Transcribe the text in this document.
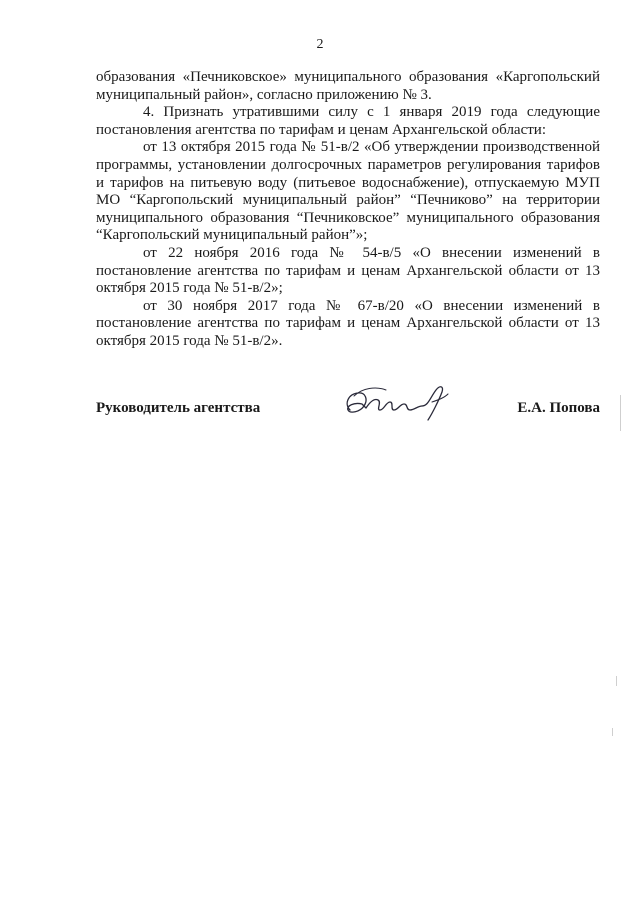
2

образования «Печниковское» муниципального образования «Каргопольский муниципальный район», согласно приложению № 3.

4. Признать утратившими силу с 1 января 2019 года следующие постановления агентства по тарифам и ценам Архангельской области:

от 13 октября 2015 года № 51-в/2 «Об утверждении производственной программы, установлении долгосрочных параметров регулирования тарифов и тарифов на питьевую воду (питьевое водоснабжение), отпускаемую МУП МО “Каргопольский муниципальный район” “Печниково” на территории муниципального образования “Печниковское” муниципального образования “Каргопольский муниципальный район”»;

от 22 ноября 2016 года № 54-в/5 «О внесении изменений в постановление агентства по тарифам и ценам Архангельской области от 13 октября 2015 года № 51-в/2»;

от 30 ноября 2017 года № 67-в/20 «О внесении изменений в постановление агентства по тарифам и ценам Архангельской области от 13 октября 2015 года № 51-в/2».

Руководитель агентства	Е.А. Попова
